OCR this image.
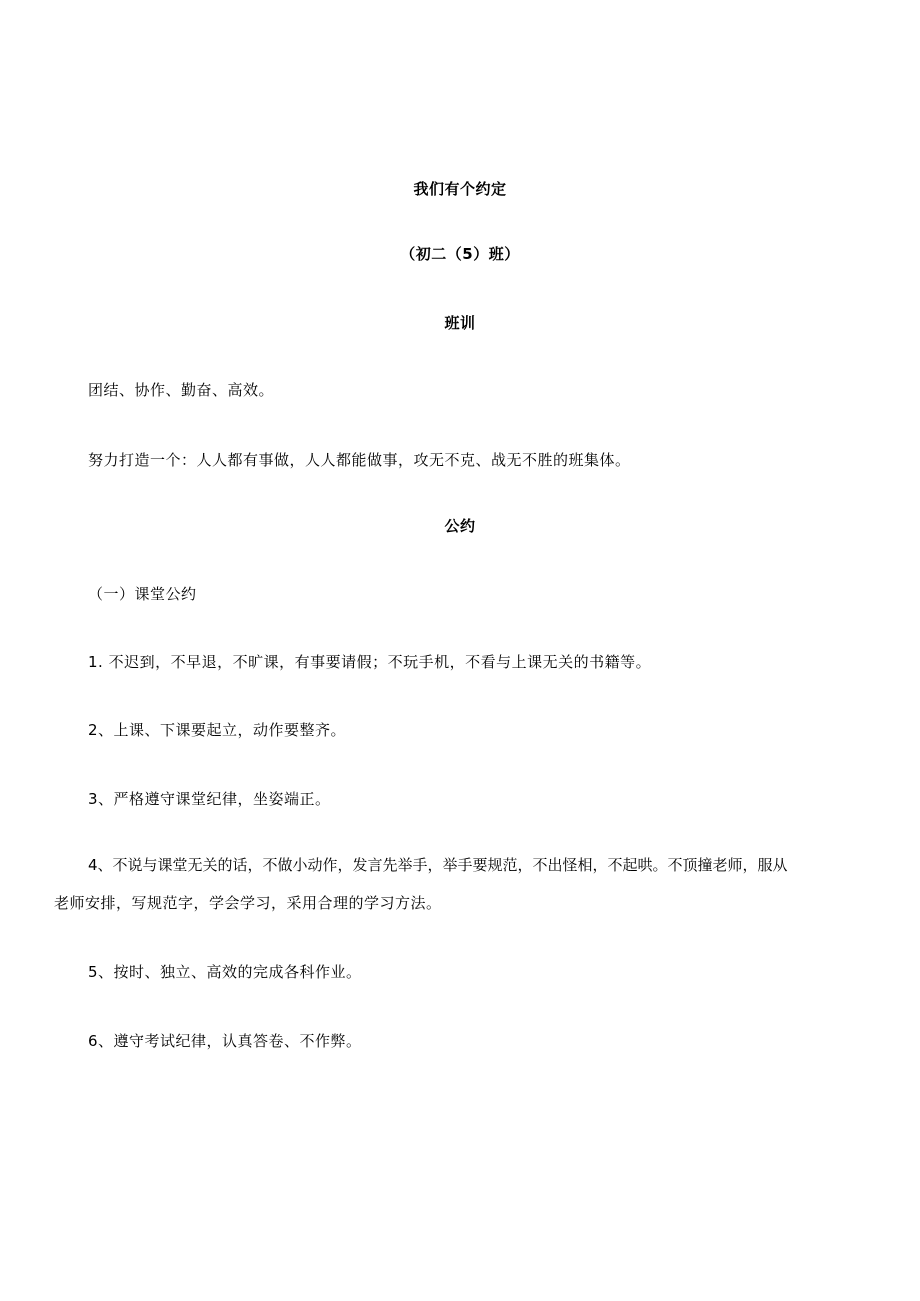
我们有个约定
（初二（5）班）
班训
团结、协作、勤奋、高效。
努力打造一个：人人都有事做，人人都能做事，攻无不克、战无不胜的班集体。
公约
（一）课堂公约
1. 不迟到，不早退，不旷课，有事要请假；不玩手机，不看与上课无关的书籍等。
2、上课、下课要起立，动作要整齐。
3、严格遵守课堂纪律，坐姿端正。
4、不说与课堂无关的话，不做小动作，发言先举手，举手要规范，不出怪相，不起哄。不顶撞老师，服从
老师安排，写规范字，学会学习，采用合理的学习方法。
5、按时、独立、高效的完成各科作业。
6、遵守考试纪律，认真答卷、不作弊。
